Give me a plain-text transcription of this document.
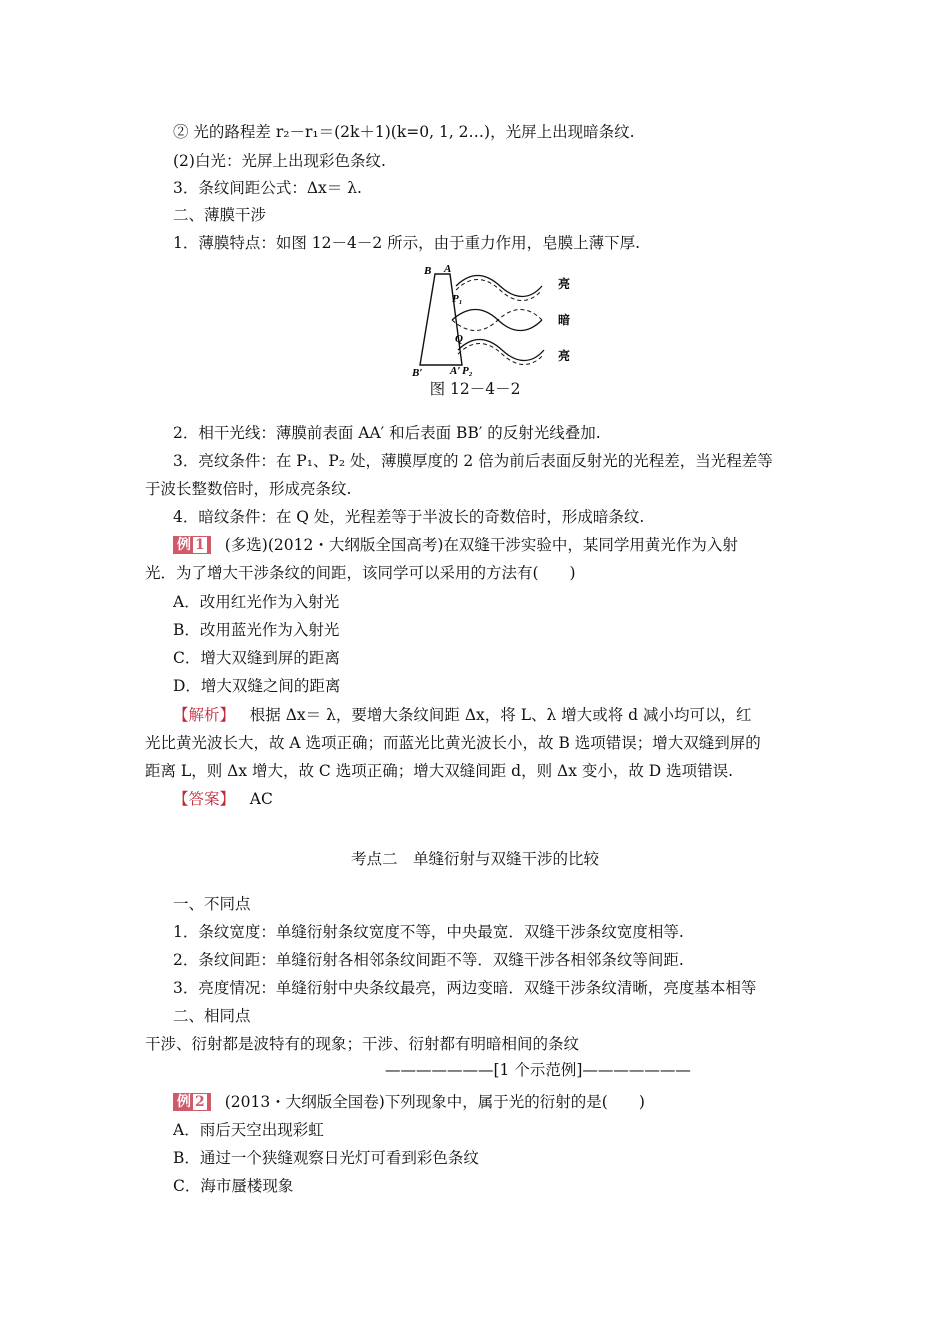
② 光的路程差 r₂－r₁＝(2k＋1)(k=0, 1, 2…)，光屏上出现暗条纹.
(2)白光：光屏上出现彩色条纹.
3．条纹间距公式：Δx＝ λ.
二、薄膜干涉
1．薄膜特点：如图 12－4－2 所示，由于重力作用，皂膜上薄下厚.
B A
P₁
Q
B′	A′ P₂
亮
暗
亮
图 12－4－2
2．相干光线：薄膜前表面 AA′ 和后表面 BB′ 的反射光线叠加.
3．亮纹条件：在 P₁、P₂ 处，薄膜厚度的 2 倍为前后表面反射光的光程差，当光程差等
于波长整数倍时，形成亮条纹.
4．暗纹条件：在 Q 处，光程差等于半波长的奇数倍时，形成暗条纹.
例 1 (多选)(2012・大纲版全国高考)在双缝干涉实验中，某同学用黄光作为入射
光．为了增大干涉条纹的间距，该同学可以采用的方法有(　　)
A．改用红光作为入射光
B．改用蓝光作为入射光
C．增大双缝到屏的距离
D．增大双缝之间的距离
【解析】 根据 Δx＝ λ，要增大条纹间距 Δx，将 L、λ 增大或将 d 减小均可以，红
光比黄光波长大，故 A 选项正确；而蓝光比黄光波长小，故 B 选项错误；增大双缝到屏的
距离 L，则 Δx 增大，故 C 选项正确；增大双缝间距 d，则 Δx 变小，故 D 选项错误.
【答案】 AC
考点二　单缝衍射与双缝干涉的比较
一、不同点
1．条纹宽度：单缝衍射条纹宽度不等，中央最宽．双缝干涉条纹宽度相等.
2．条纹间距：单缝衍射各相邻条纹间距不等．双缝干涉各相邻条纹等间距.
3．亮度情况：单缝衍射中央条纹最亮，两边变暗．双缝干涉条纹清晰，亮度基本相等
二、相同点
干涉、衍射都是波特有的现象；干涉、衍射都有明暗相间的条纹
———————[1 个示范例]———————
例 2 (2013・大纲版全国卷)下列现象中，属于光的衍射的是(　　)
A．雨后天空出现彩虹
B．通过一个狭缝观察日光灯可看到彩色条纹
C．海市蜃楼现象
